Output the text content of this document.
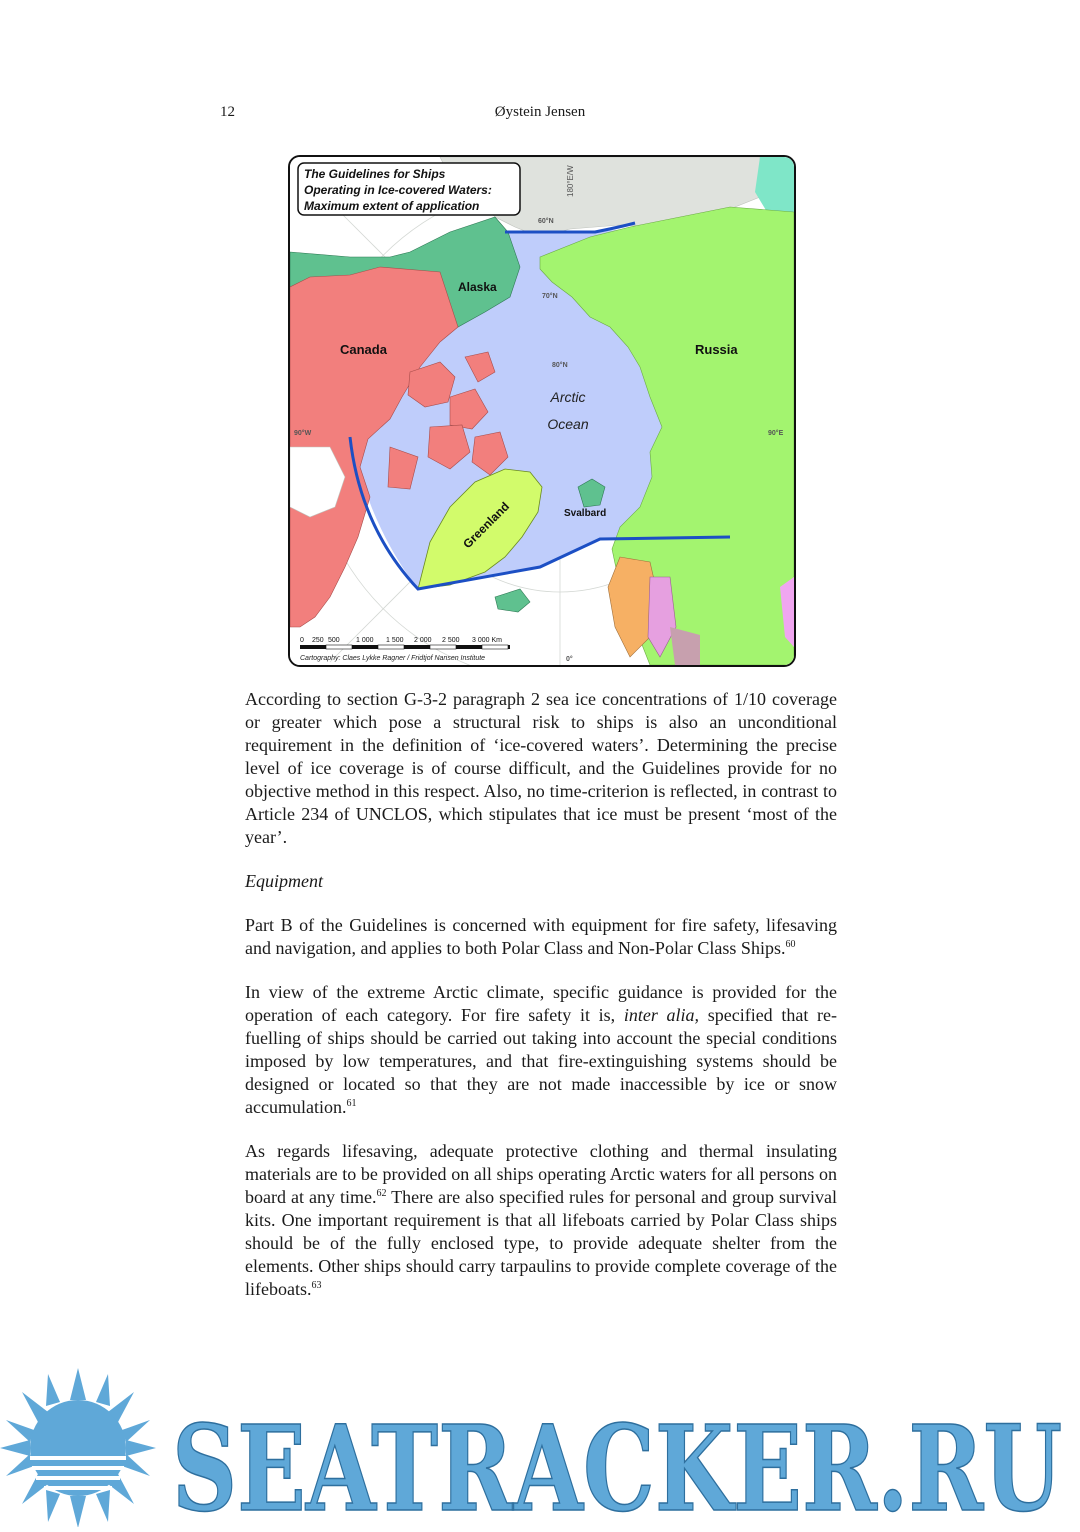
12	Øystein Jensen
The Guidelines for Ships
Operating in Ice-covered Waters:
Maximum extent of application
Alaska
Canada	Russia
Arctic
Ocean
Greenland	Svalbard
180°E/W
60°N
70°N
80°N
90°W	90°E
0°
0 250 500 1 000 1 500 2 000 2 500 3 000 Km
Cartography: Claes Lykke Ragner / Fridtjof Nansen Institute

According to section G-3-2 paragraph 2 sea ice concentrations of 1/10 coverage or greater which pose a structural risk to ships is also an unconditional requirement in the definition of ‘ice-covered waters’. Determining the precise level of ice coverage is of course difficult, and the Guidelines provide for no objective method in this respect. Also, no time-criterion is reflected, in contrast to Article 234 of UNCLOS, which stipulates that ice must be present ‘most of the year’.

Equipment

Part B of the Guidelines is concerned with equipment for fire safety, lifesaving and navigation, and applies to both Polar Class and Non-Polar Class Ships.$^{60}$

In view of the extreme Arctic climate, specific guidance is provided for the operation of each category. For fire safety it is, inter alia, specified that re-fuelling of ships should be carried out taking into account the special conditions imposed by low temperatures, and that fire-extinguishing systems should be designed or located so that they are not made inaccessible by ice or snow accumulation.$^{61}$

As regards lifesaving, adequate protective clothing and thermal insulating materials are to be provided on all ships operating Arctic waters for all persons on board at any time.$^{62}$ There are also specified rules for personal and group survival kits. One important requirement is that all lifeboats carried by Polar Class ships should be of the fully enclosed type, to provide adequate shelter from the elements. Other ships should carry tarpaulins to provide complete coverage of the lifeboats.$^{63}$

SEATRACKER.RU
